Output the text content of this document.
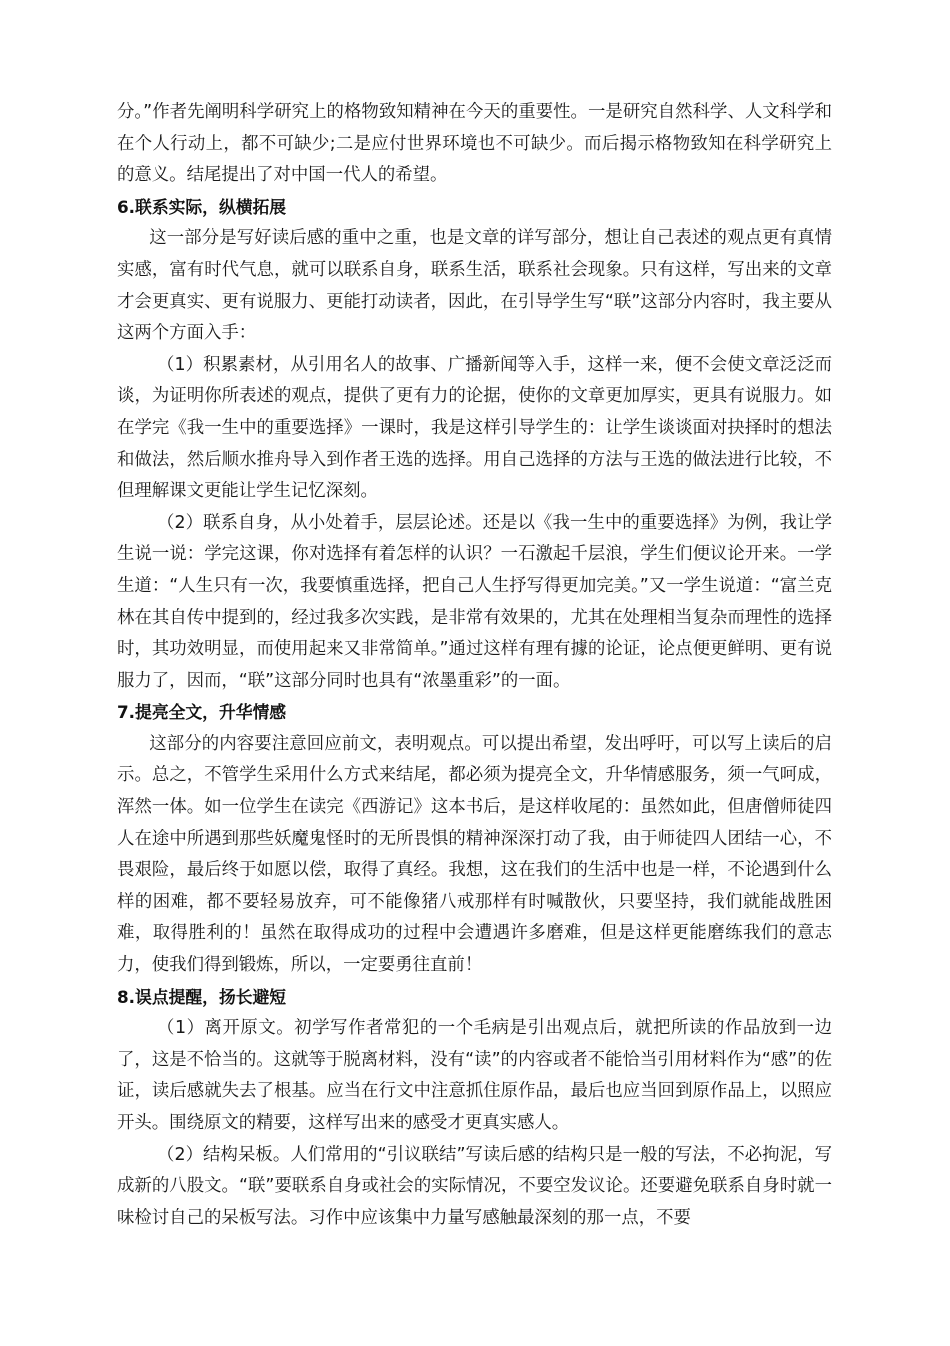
分。”作者先阐明科学研究上的格物致知精神在今天的重要性。一是研究自然科学、人文科学和在个人行动上，都不可缺少;二是应付世界环境也不可缺少。而后揭示格物致知在科学研究上的意义。结尾提出了对中国一代人的希望。

6.联系实际，纵横拓展

这一部分是写好读后感的重中之重，也是文章的详写部分，想让自己表述的观点更有真情实感，富有时代气息，就可以联系自身，联系生活，联系社会现象。只有这样，写出来的文章才会更真实、更有说服力、更能打动读者，因此，在引导学生写“联”这部分内容时，我主要从这两个方面入手：

（1）积累素材，从引用名人的故事、广播新闻等入手，这样一来，便不会使文章泛泛而谈，为证明你所表述的观点，提供了更有力的论据，使你的文章更加厚实，更具有说服力。如在学完《我一生中的重要选择》一课时，我是这样引导学生的：让学生谈谈面对抉择时的想法和做法，然后顺水推舟导入到作者王选的选择。用自己选择的方法与王选的做法进行比较，不但理解课文更能让学生记忆深刻。

（2）联系自身，从小处着手，层层论述。还是以《我一生中的重要选择》为例，我让学生说一说：学完这课，你对选择有着怎样的认识？一石激起千层浪，学生们便议论开来。一学生道：“人生只有一次，我要慎重选择，把自己人生抒写得更加完美。”又一学生说道：“富兰克林在其自传中提到的，经过我多次实践，是非常有效果的，尤其在处理相当复杂而理性的选择时，其功效明显，而使用起来又非常简单。”通过这样有理有據的论证，论点便更鲜明、更有说服力了，因而，“联”这部分同时也具有“浓墨重彩”的一面。

7.提亮全文，升华情感

这部分的内容要注意回应前文，表明观点。可以提出希望，发出呼吁，可以写上读后的启示。总之，不管学生采用什么方式来结尾，都必须为提亮全文，升华情感服务，须一气呵成，浑然一体。如一位学生在读完《西游记》这本书后，是这样收尾的：虽然如此，但唐僧师徒四人在途中所遇到那些妖魔鬼怪时的无所畏惧的精神深深打动了我，由于师徒四人团结一心，不畏艰险，最后终于如愿以偿，取得了真经。我想，这在我们的生活中也是一样，不论遇到什么样的困难，都不要轻易放弃，可不能像猪八戒那样有时喊散伙，只要坚持，我们就能战胜困难，取得胜利的！虽然在取得成功的过程中会遭遇许多磨难，但是这样更能磨练我们的意志力，使我们得到锻炼，所以，一定要勇往直前！

8.误点提醒，扬长避短

（1）离开原文。初学写作者常犯的一个毛病是引出观点后，就把所读的作品放到一边了，这是不恰当的。这就等于脱离材料，没有“读”的内容或者不能恰当引用材料作为“感”的佐证，读后感就失去了根基。应当在行文中注意抓住原作品，最后也应当回到原作品上，以照应开头。围绕原文的精要，这样写出来的感受才更真实感人。

（2）结构呆板。人们常用的“引议联结”写读后感的结构只是一般的写法，不必拘泥，写成新的八股文。“联”要联系自身或社会的实际情况，不要空发议论。还要避免联系自身时就一味检讨自己的呆板写法。习作中应该集中力量写感触最深刻的那一点，不要
